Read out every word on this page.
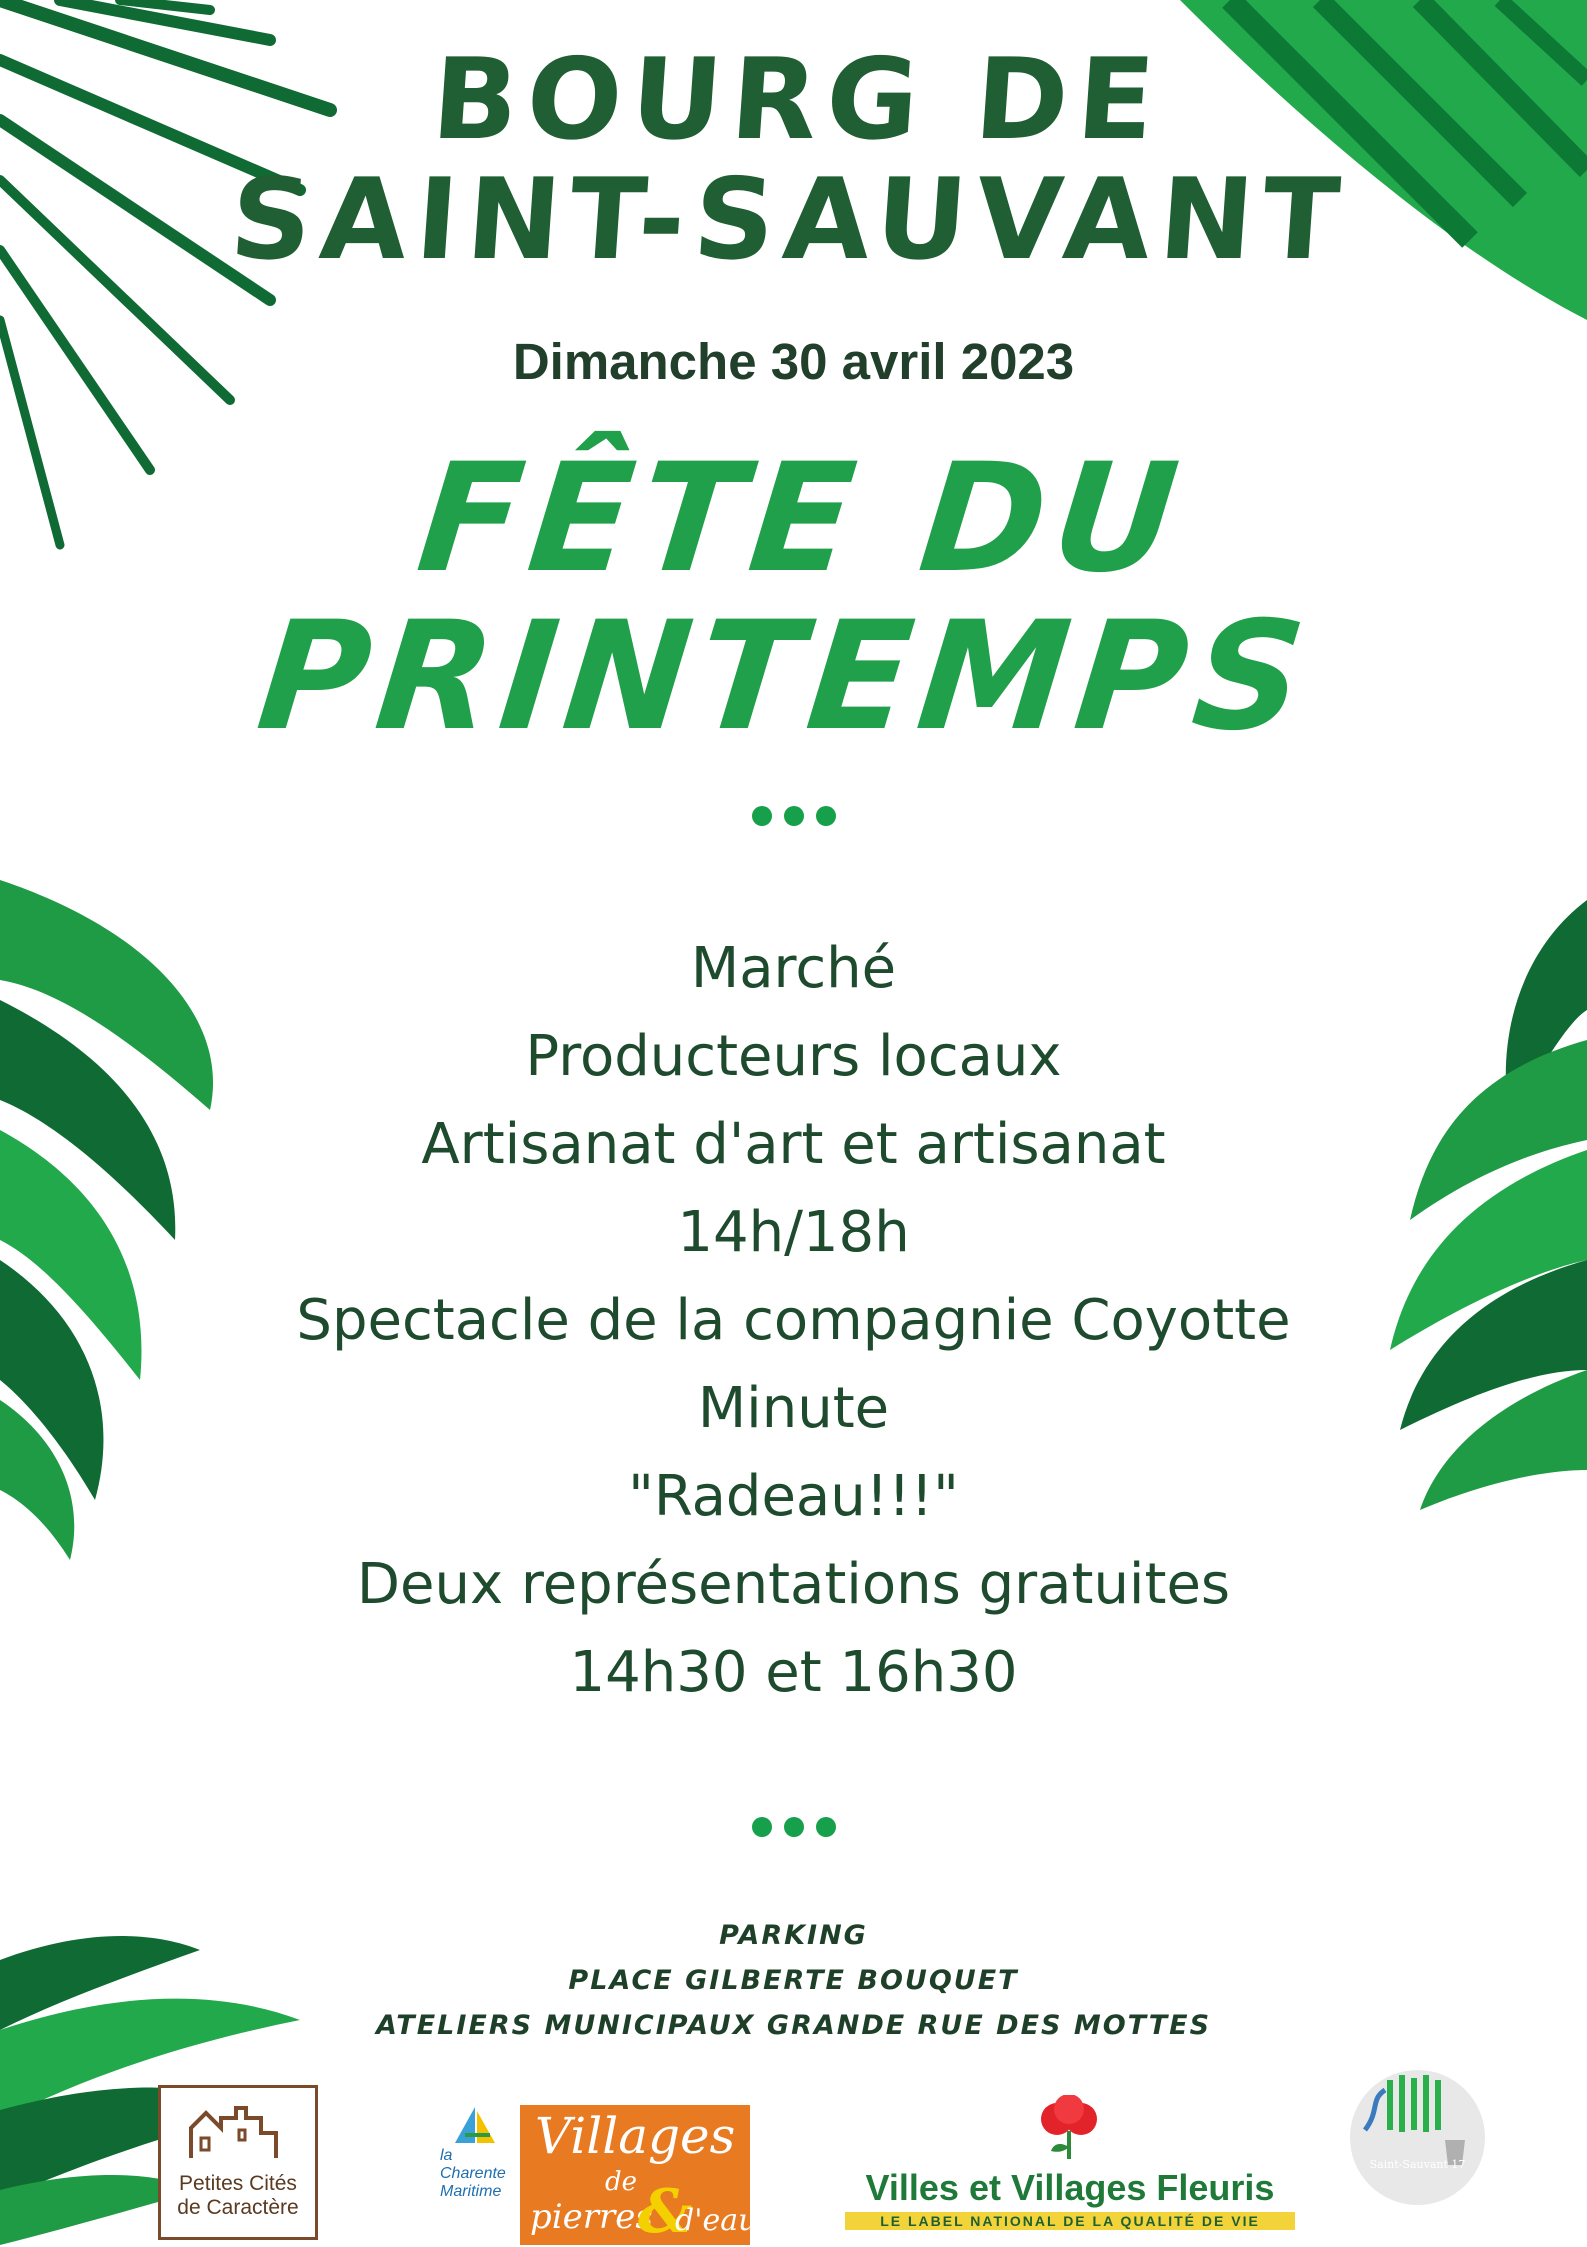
BOURG DE
SAINT-SAUVANT
Dimanche 30 avril 2023
FÊTE DU
PRINTEMPS
Marché
Producteurs locaux
Artisanat d'art et artisanat
14h/18h
Spectacle de la compagnie Coyotte
Minute
"Radeau!!!"
Deux représentations gratuites
14h30 et 16h30
PARKING
PLACE GILBERTE BOUQUET
ATELIERS MUNICIPAUX GRANDE RUE DES MOTTES
Petites Cités
de Caractère
la
Charente
Maritime
Villages
de
pierres
&
d'eau
Villes et Villages Fleuris
LE LABEL NATIONAL DE LA QUALITÉ DE VIE
Saint-Sauvant 17
